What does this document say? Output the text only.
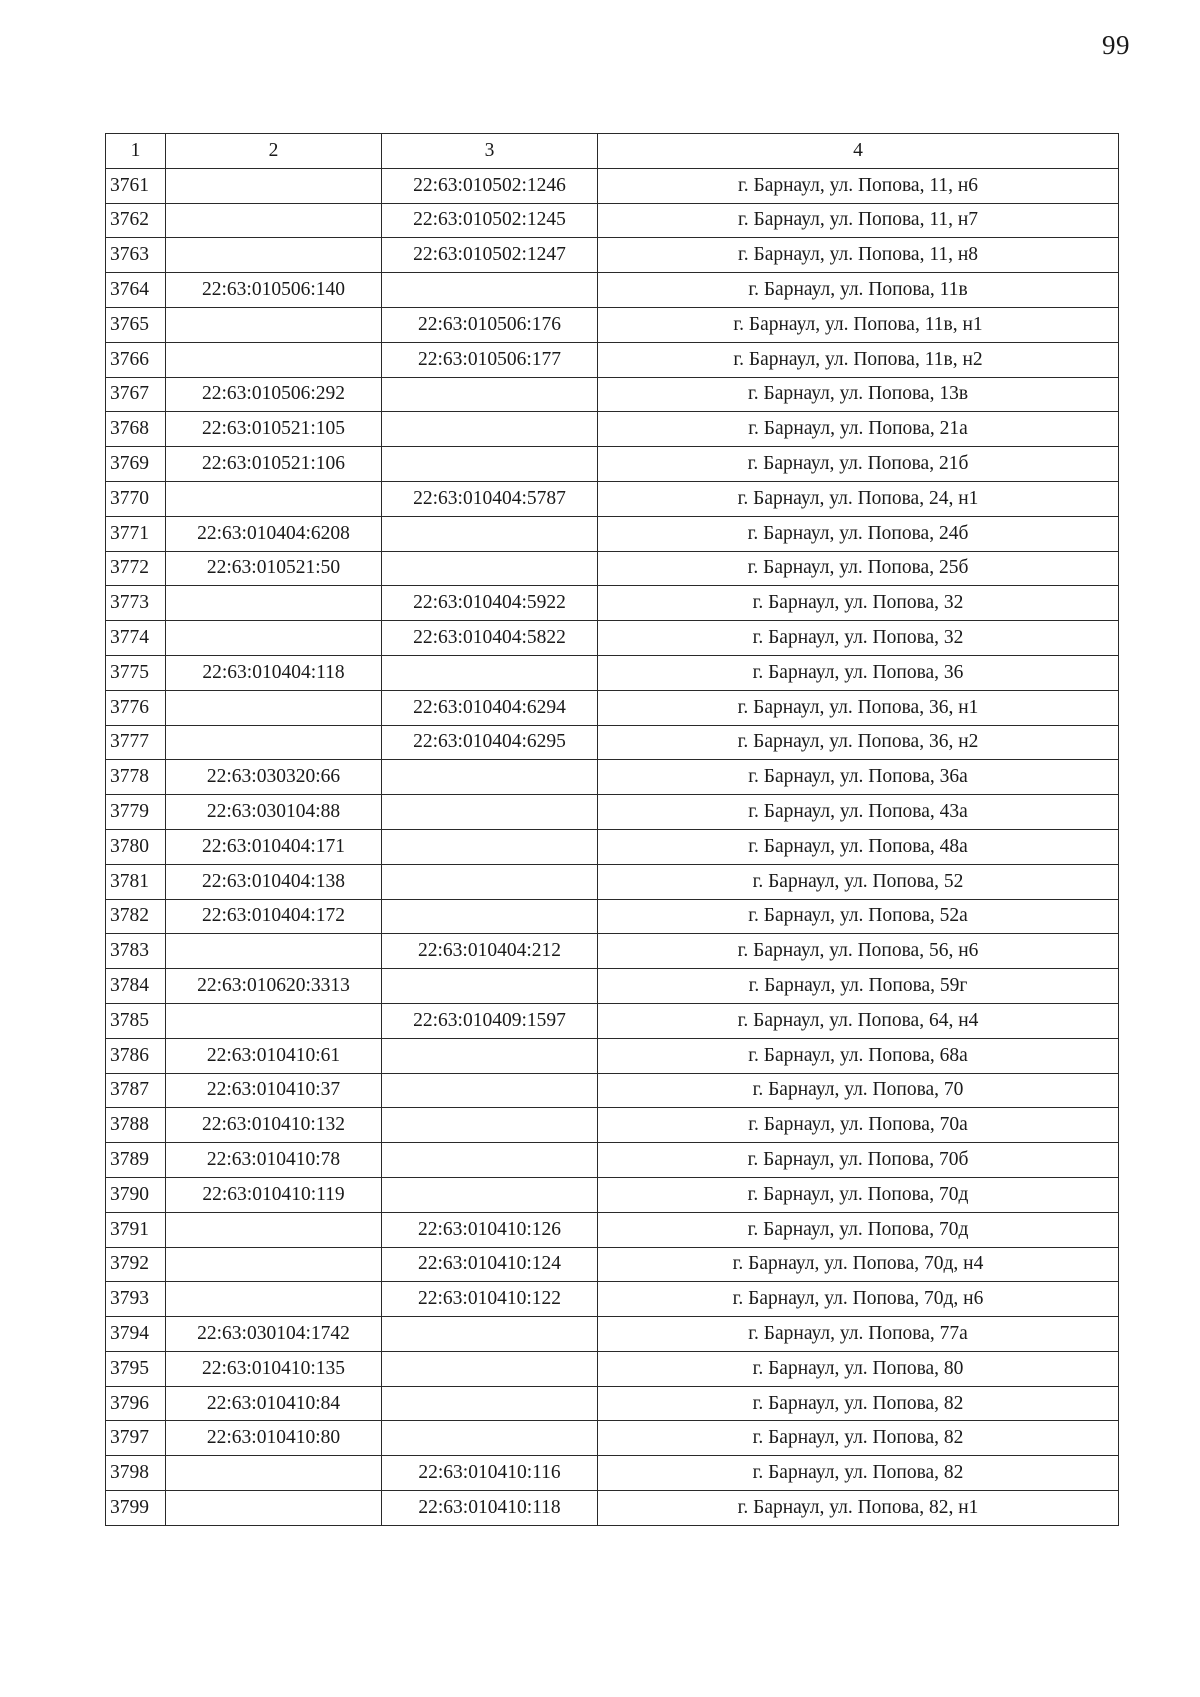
99
1	2	3	4
3761		22:63:010502:1246	г. Барнаул, ул. Попова, 11, н6
3762		22:63:010502:1245	г. Барнаул, ул. Попова, 11, н7
3763		22:63:010502:1247	г. Барнаул, ул. Попова, 11, н8
3764	22:63:010506:140		г. Барнаул, ул. Попова, 11в
3765		22:63:010506:176	г. Барнаул, ул. Попова, 11в, н1
3766		22:63:010506:177	г. Барнаул, ул. Попова, 11в, н2
3767	22:63:010506:292		г. Барнаул, ул. Попова, 13в
3768	22:63:010521:105		г. Барнаул, ул. Попова, 21а
3769	22:63:010521:106		г. Барнаул, ул. Попова, 21б
3770		22:63:010404:5787	г. Барнаул, ул. Попова, 24, н1
3771	22:63:010404:6208		г. Барнаул, ул. Попова, 24б
3772	22:63:010521:50		г. Барнаул, ул. Попова, 25б
3773		22:63:010404:5922	г. Барнаул, ул. Попова, 32
3774		22:63:010404:5822	г. Барнаул, ул. Попова, 32
3775	22:63:010404:118		г. Барнаул, ул. Попова, 36
3776		22:63:010404:6294	г. Барнаул, ул. Попова, 36, н1
3777		22:63:010404:6295	г. Барнаул, ул. Попова, 36, н2
3778	22:63:030320:66		г. Барнаул, ул. Попова, 36а
3779	22:63:030104:88		г. Барнаул, ул. Попова, 43а
3780	22:63:010404:171		г. Барнаул, ул. Попова, 48а
3781	22:63:010404:138		г. Барнаул, ул. Попова, 52
3782	22:63:010404:172		г. Барнаул, ул. Попова, 52а
3783		22:63:010404:212	г. Барнаул, ул. Попова, 56, н6
3784	22:63:010620:3313		г. Барнаул, ул. Попова, 59г
3785		22:63:010409:1597	г. Барнаул, ул. Попова, 64, н4
3786	22:63:010410:61		г. Барнаул, ул. Попова, 68а
3787	22:63:010410:37		г. Барнаул, ул. Попова, 70
3788	22:63:010410:132		г. Барнаул, ул. Попова, 70а
3789	22:63:010410:78		г. Барнаул, ул. Попова, 70б
3790	22:63:010410:119		г. Барнаул, ул. Попова, 70д
3791		22:63:010410:126	г. Барнаул, ул. Попова, 70д
3792		22:63:010410:124	г. Барнаул, ул. Попова, 70д, н4
3793		22:63:010410:122	г. Барнаул, ул. Попова, 70д, н6
3794	22:63:030104:1742		г. Барнаул, ул. Попова, 77а
3795	22:63:010410:135		г. Барнаул, ул. Попова, 80
3796	22:63:010410:84		г. Барнаул, ул. Попова, 82
3797	22:63:010410:80		г. Барнаул, ул. Попова, 82
3798		22:63:010410:116	г. Барнаул, ул. Попова, 82
3799		22:63:010410:118	г. Барнаул, ул. Попова, 82, н1
